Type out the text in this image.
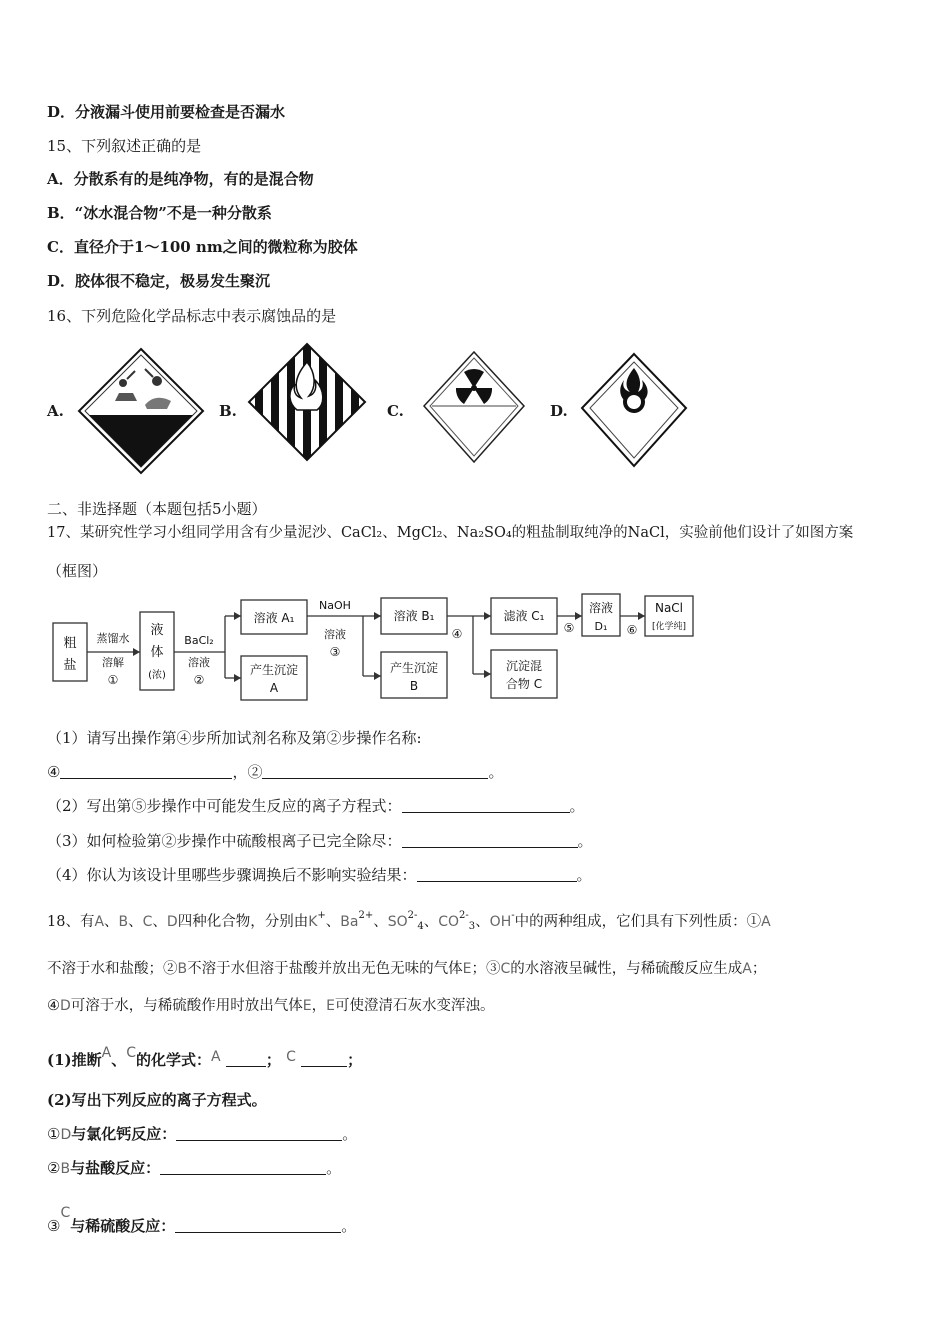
D．分液漏斗使用前要检查是否漏水
15、下列叙述正确的是
A．分散系有的是纯净物，有的是混合物
B．“冰水混合物”不是一种分散系
C．直径介于1～100 nm之间的微粒称为胶体
D．胶体很不稳定，极易发生聚沉
16、下列危险化学品标志中表示腐蚀品的是
A.	B.	C.	D.
二、非选择题（本题包括5小题）
17、某研究性学习小组同学用含有少量泥沙、CaCl₂、MgCl₂、Na₂SO₄的粗盐制取纯净的NaCl，实验前他们设计了如图方案
（框图）
粗
盐
蒸馏水
溶解
①
液
体
(浓)
BaCl₂
溶液
②
溶液 A₁
产生沉淀
A
NaOH
溶液
③
溶液 B₁
产生沉淀
B
④
滤液 C₁
沉淀混
合物 C
⑤
溶液
D₁ ⑥
NaCl
[化学纯]
（1）请写出操作第④步所加试剂名称及第②步操作名称:
④	，②	。
（2）写出第⑤步操作中可能发生反应的离子方程式：	。
（3）如何检验第②步操作中硫酸根离子已完全除尽：	。
（4）你认为该设计里哪些步骤调换后不影响实验结果：	。
18、有A、B、C、D四种化合物，分别由K+、$Ba^{2+}$、$SO^{2-}_4$、$CO^{2-}_3$、OH-中的两种组成，它们具有下列性质：①A
不溶于水和盐酸；②B不溶于水但溶于盐酸并放出无色无味的气体E；③C的水溶液呈碱性，与稀硫酸反应生成A；
④D可溶于水，与稀硫酸作用时放出气体E，E可使澄清石灰水变浑浊。
(1)推断A、C的化学式：A	； C	；
(2)写出下列反应的离子方程式。
①D与氯化钙反应：	。
②B与盐酸反应：	。
③C与稀硫酸反应：	。
